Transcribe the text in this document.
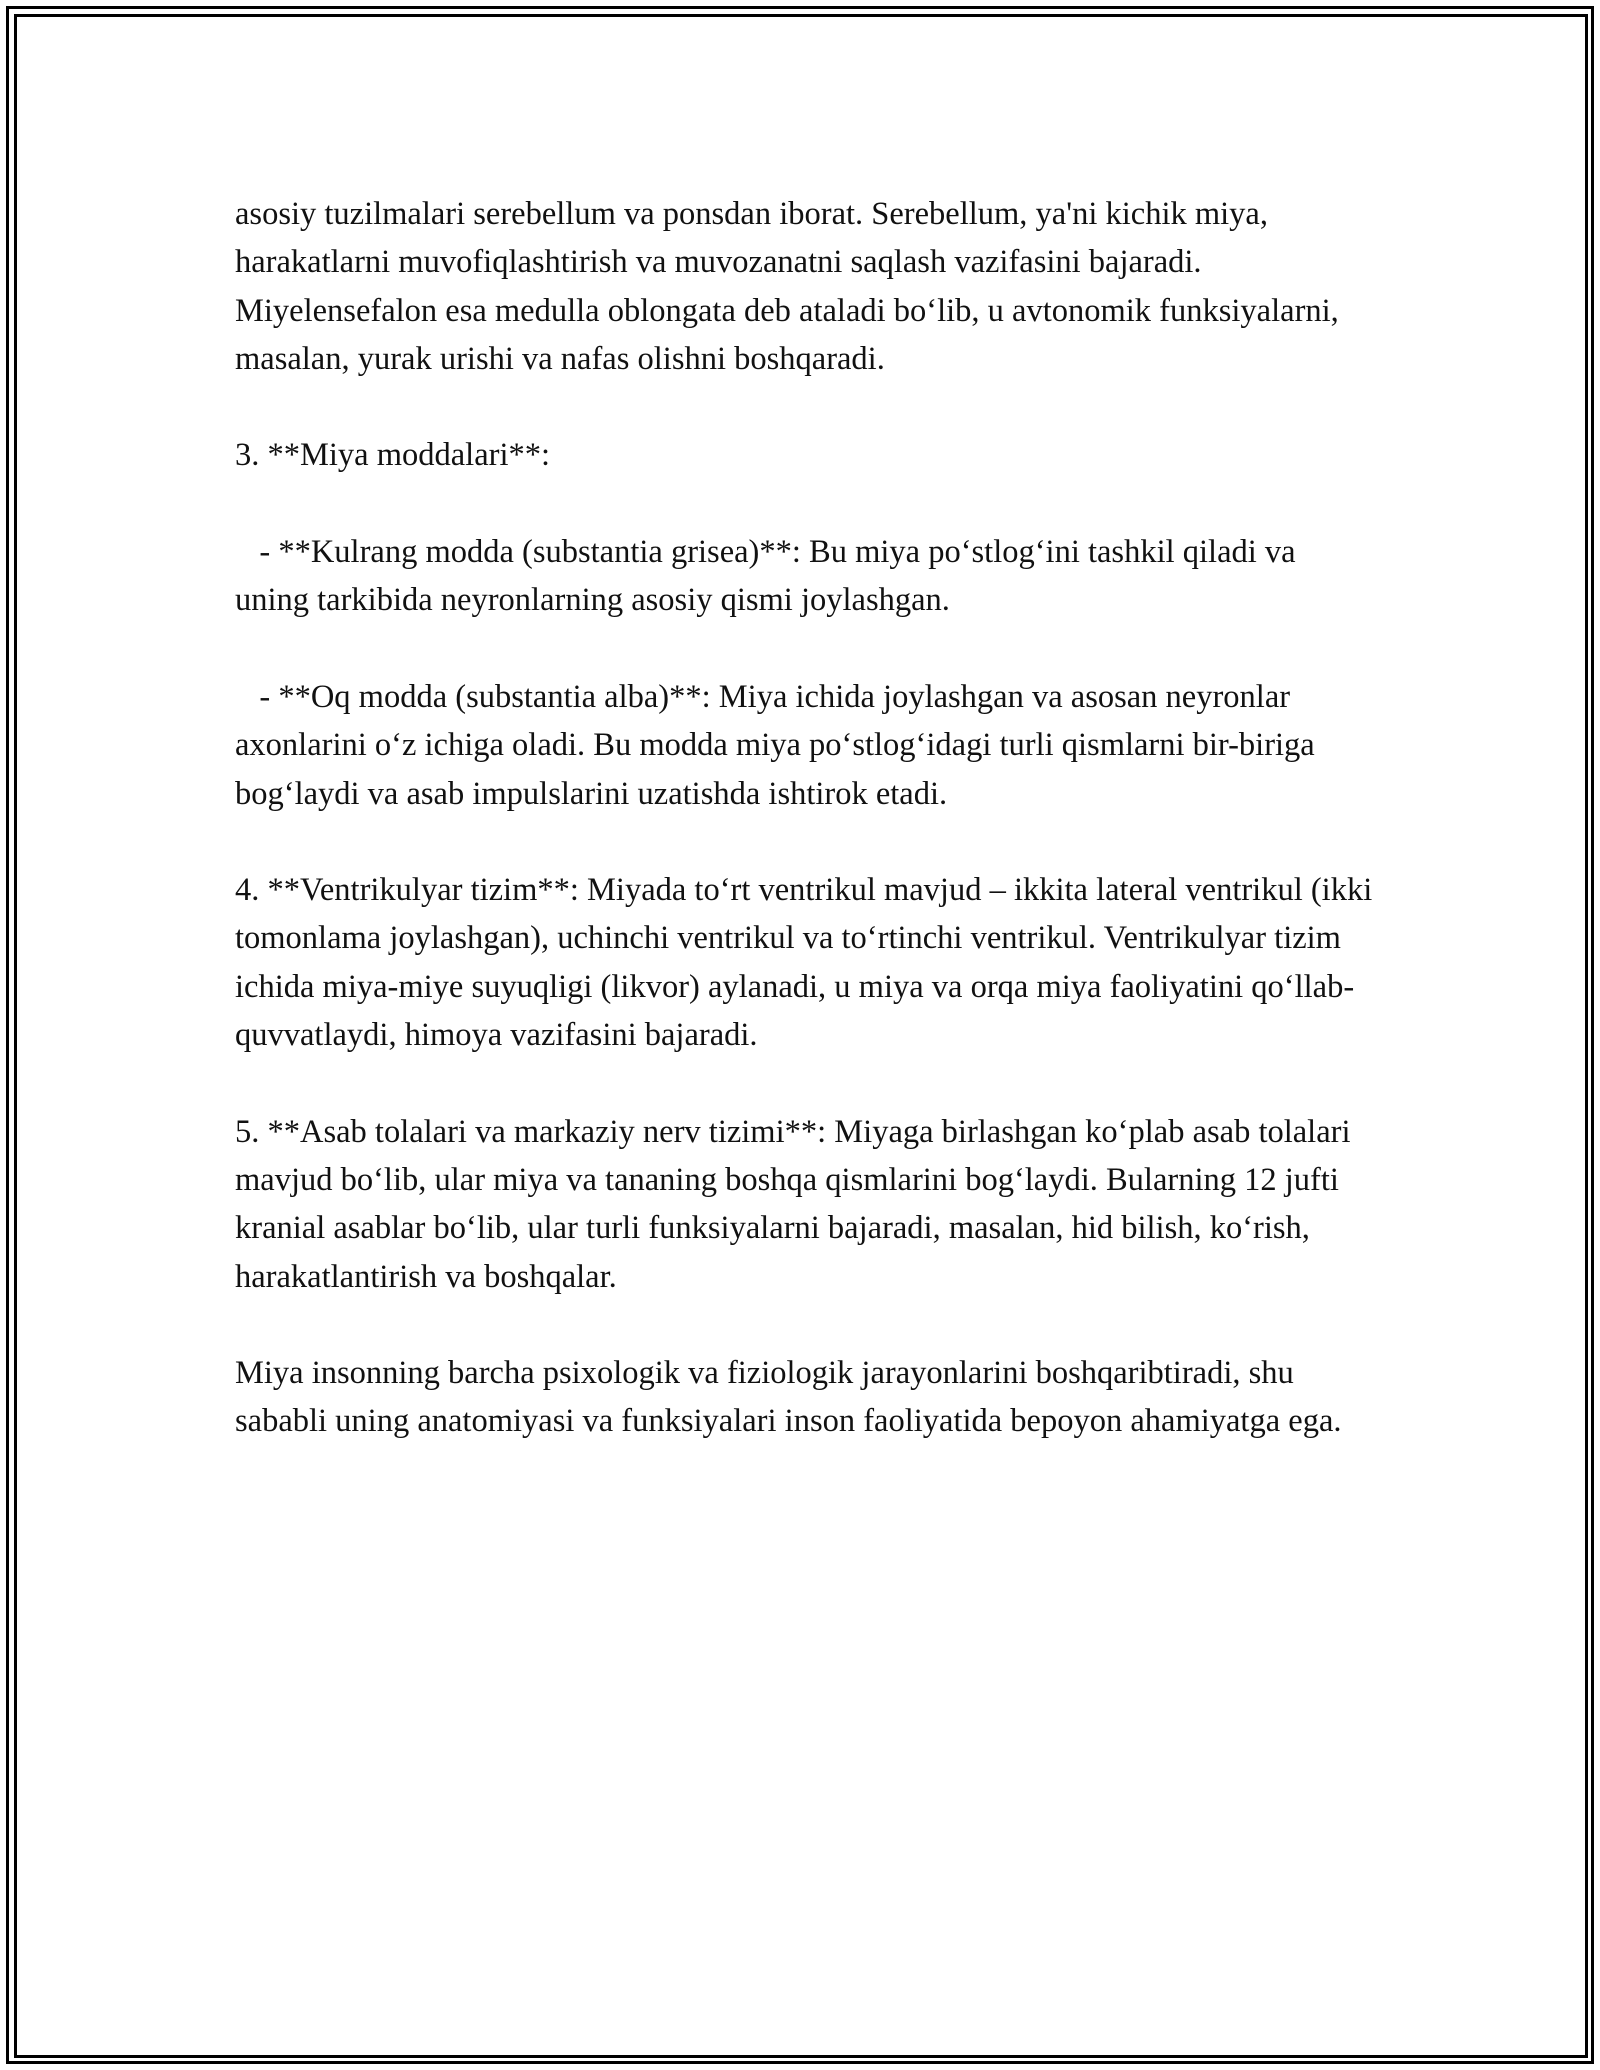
asosiy tuzilmalari serebellum va ponsdan iborat. Serebellum, ya'ni kichik miya, harakatlarni muvofiqlashtirish va muvozanatni saqlash vazifasini bajaradi. Miyelensefalon esa medulla oblongata deb ataladi bo‘lib, u avtonomik funksiyalarni, masalan, yurak urishi va nafas olishni boshqaradi.

3. **Miya moddalari**:

- **Kulrang modda (substantia grisea)**: Bu miya po‘stlog‘ini tashkil qiladi va uning tarkibida neyronlarning asosiy qismi joylashgan.

- **Oq modda (substantia alba)**: Miya ichida joylashgan va asosan neyronlar axonlarini o‘z ichiga oladi. Bu modda miya po‘stlog‘idagi turli qismlarni bir-biriga bog‘laydi va asab impulslarini uzatishda ishtirok etadi.

4. **Ventrikulyar tizim**: Miyada to‘rt ventrikul mavjud – ikkita lateral ventrikul (ikki tomonlama joylashgan), uchinchi ventrikul va to‘rtinchi ventrikul. Ventrikulyar tizim ichida miya-miye suyuqligi (likvor) aylanadi, u miya va orqa miya faoliyatini qo‘llab-quvvatlaydi, himoya vazifasini bajaradi.

5. **Asab tolalari va markaziy nerv tizimi**: Miyaga birlashgan ko‘plab asab tolalari mavjud bo‘lib, ular miya va tananing boshqa qismlarini bog‘laydi. Bularning 12 jufti kranial asablar bo‘lib, ular turli funksiyalarni bajaradi, masalan, hid bilish, ko‘rish, harakatlantirish va boshqalar.

Miya insonning barcha psixologik va fiziologik jarayonlarini boshqaribtiradi, shu sababli uning anatomiyasi va funksiyalari inson faoliyatida bepoyon ahamiyatga ega.
